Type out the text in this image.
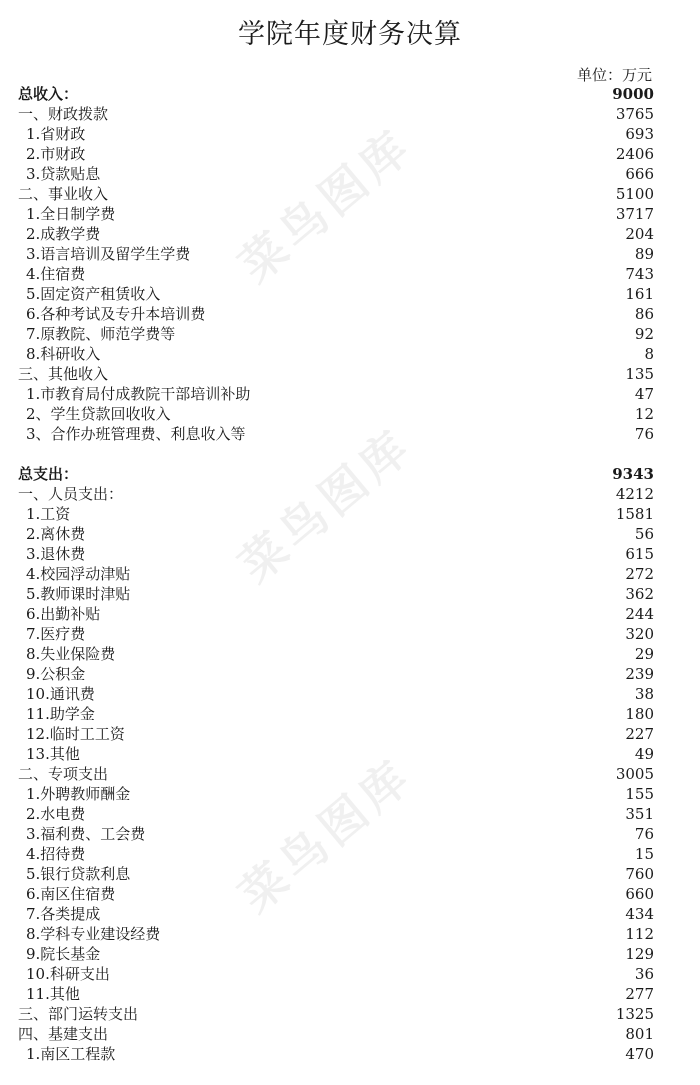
学院年度财务决算
单位：万元
菜鸟图库
菜鸟图库
菜鸟图库
总收入：	9000
一、财政拨款	3765
1.省财政	693
2.市财政	2406
3.贷款贴息	666
二、事业收入	5100
1.全日制学费	3717
2.成教学费	204
3.语言培训及留学生学费	89
4.住宿费	743
5.固定资产租赁收入	161
6.各种考试及专升本培训费	86
7.原教院、师范学费等	92
8.科研收入	8
三、其他收入	135
1.市教育局付成教院干部培训补助	47
2、学生贷款回收收入	12
3、合作办班管理费、利息收入等	76
总支出：	9343
一、人员支出：	4212
1.工资	1581
2.离休费	56
3.退休费	615
4.校园浮动津贴	272
5.教师课时津贴	362
6.出勤补贴	244
7.医疗费	320
8.失业保险费	29
9.公积金	239
10.通讯费	38
11.助学金	180
12.临时工工资	227
13.其他	49
二、专项支出	3005
1.外聘教师酬金	155
2.水电费	351
3.福利费、工会费	76
4.招待费	15
5.银行贷款利息	760
6.南区住宿费	660
7.各类提成	434
8.学科专业建设经费	112
9.院长基金	129
10.科研支出	36
11.其他	277
三、部门运转支出	1325
四、基建支出	801
1.南区工程款	470
